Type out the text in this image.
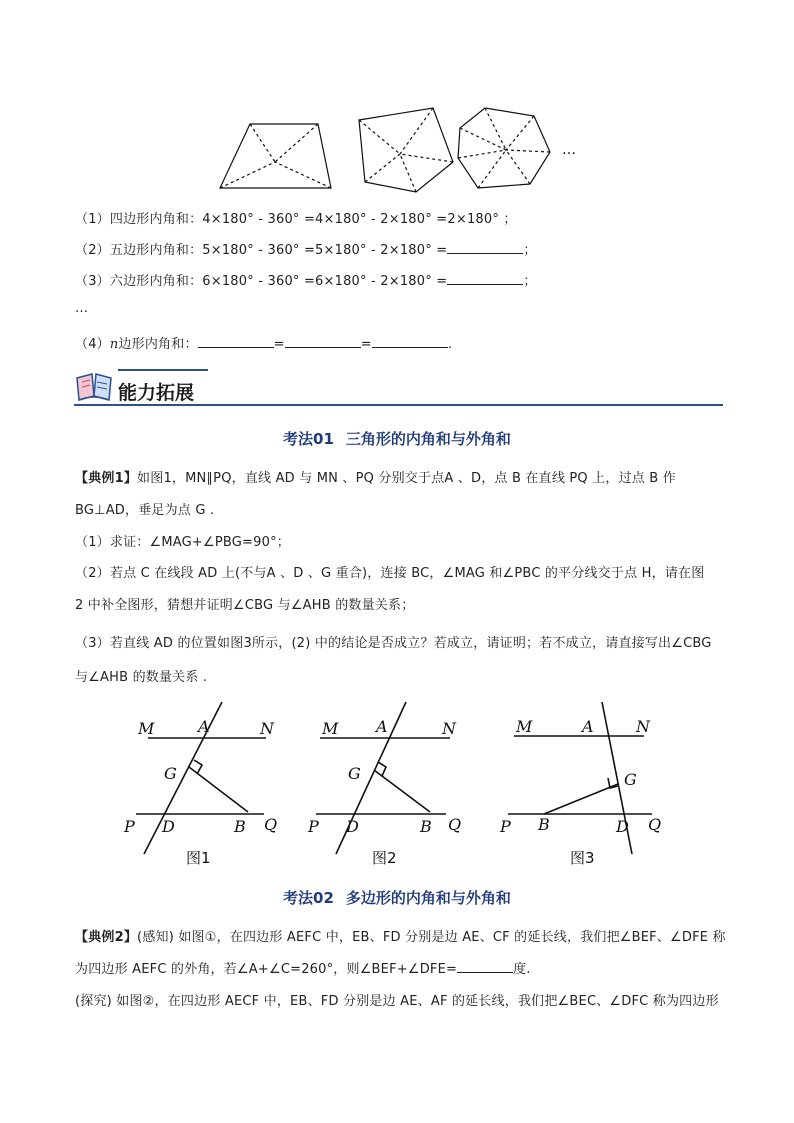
…
（1）四边形内角和：4×180° - 360° =4×180° - 2×180° =2×180° ；
（2）五边形内角和：5×180° - 360° =5×180° - 2×180° =	；
（3）六边形内角和：6×180° - 360° =6×180° - 2×180° =	；
…
（4）n边形内角和：	=	=	.
能力拓展
考法01 三角形的内角和与外角和
【典例1】如图1，MN∥PQ，直线 AD 与 MN 、PQ 分别交于点A 、D，点 B 在直线 PQ 上，过点 B 作
BG⊥AD，垂足为点 G .
（1）求证：∠MAG+∠PBG=90°；
（2）若点 C 在线段 AD 上(不与A 、D 、G 重合)，连接 BC，∠MAG 和∠PBC 的平分线交于点 H，请在图
2 中补全图形，猜想并证明∠CBG 与∠AHB 的数量关系；
（3）若直线 AD 的位置如图3所示，(2) 中的结论是否成立？若成立，请证明；若不成立，请直接写出∠CBG
与∠AHB 的数量关系 .
M	A	N
G
P D	B Q
图1
M A	N
G
P D	B Q
图2
M	A	N
G
P B	D Q
图3
考法02 多边形的内角和与外角和
【典例2】(感知) 如图①，在四边形 AEFC 中，EB、FD 分别是边 AE、CF 的延长线，我们把∠BEF、∠DFE 称
为四边形 AEFC 的外角，若∠A+∠C=260°，则∠BEF+∠DFE=	度.
(探究) 如图②，在四边形 AECF 中，EB、FD 分别是边 AE、AF 的延长线，我们把∠BEC、∠DFC 称为四边形
